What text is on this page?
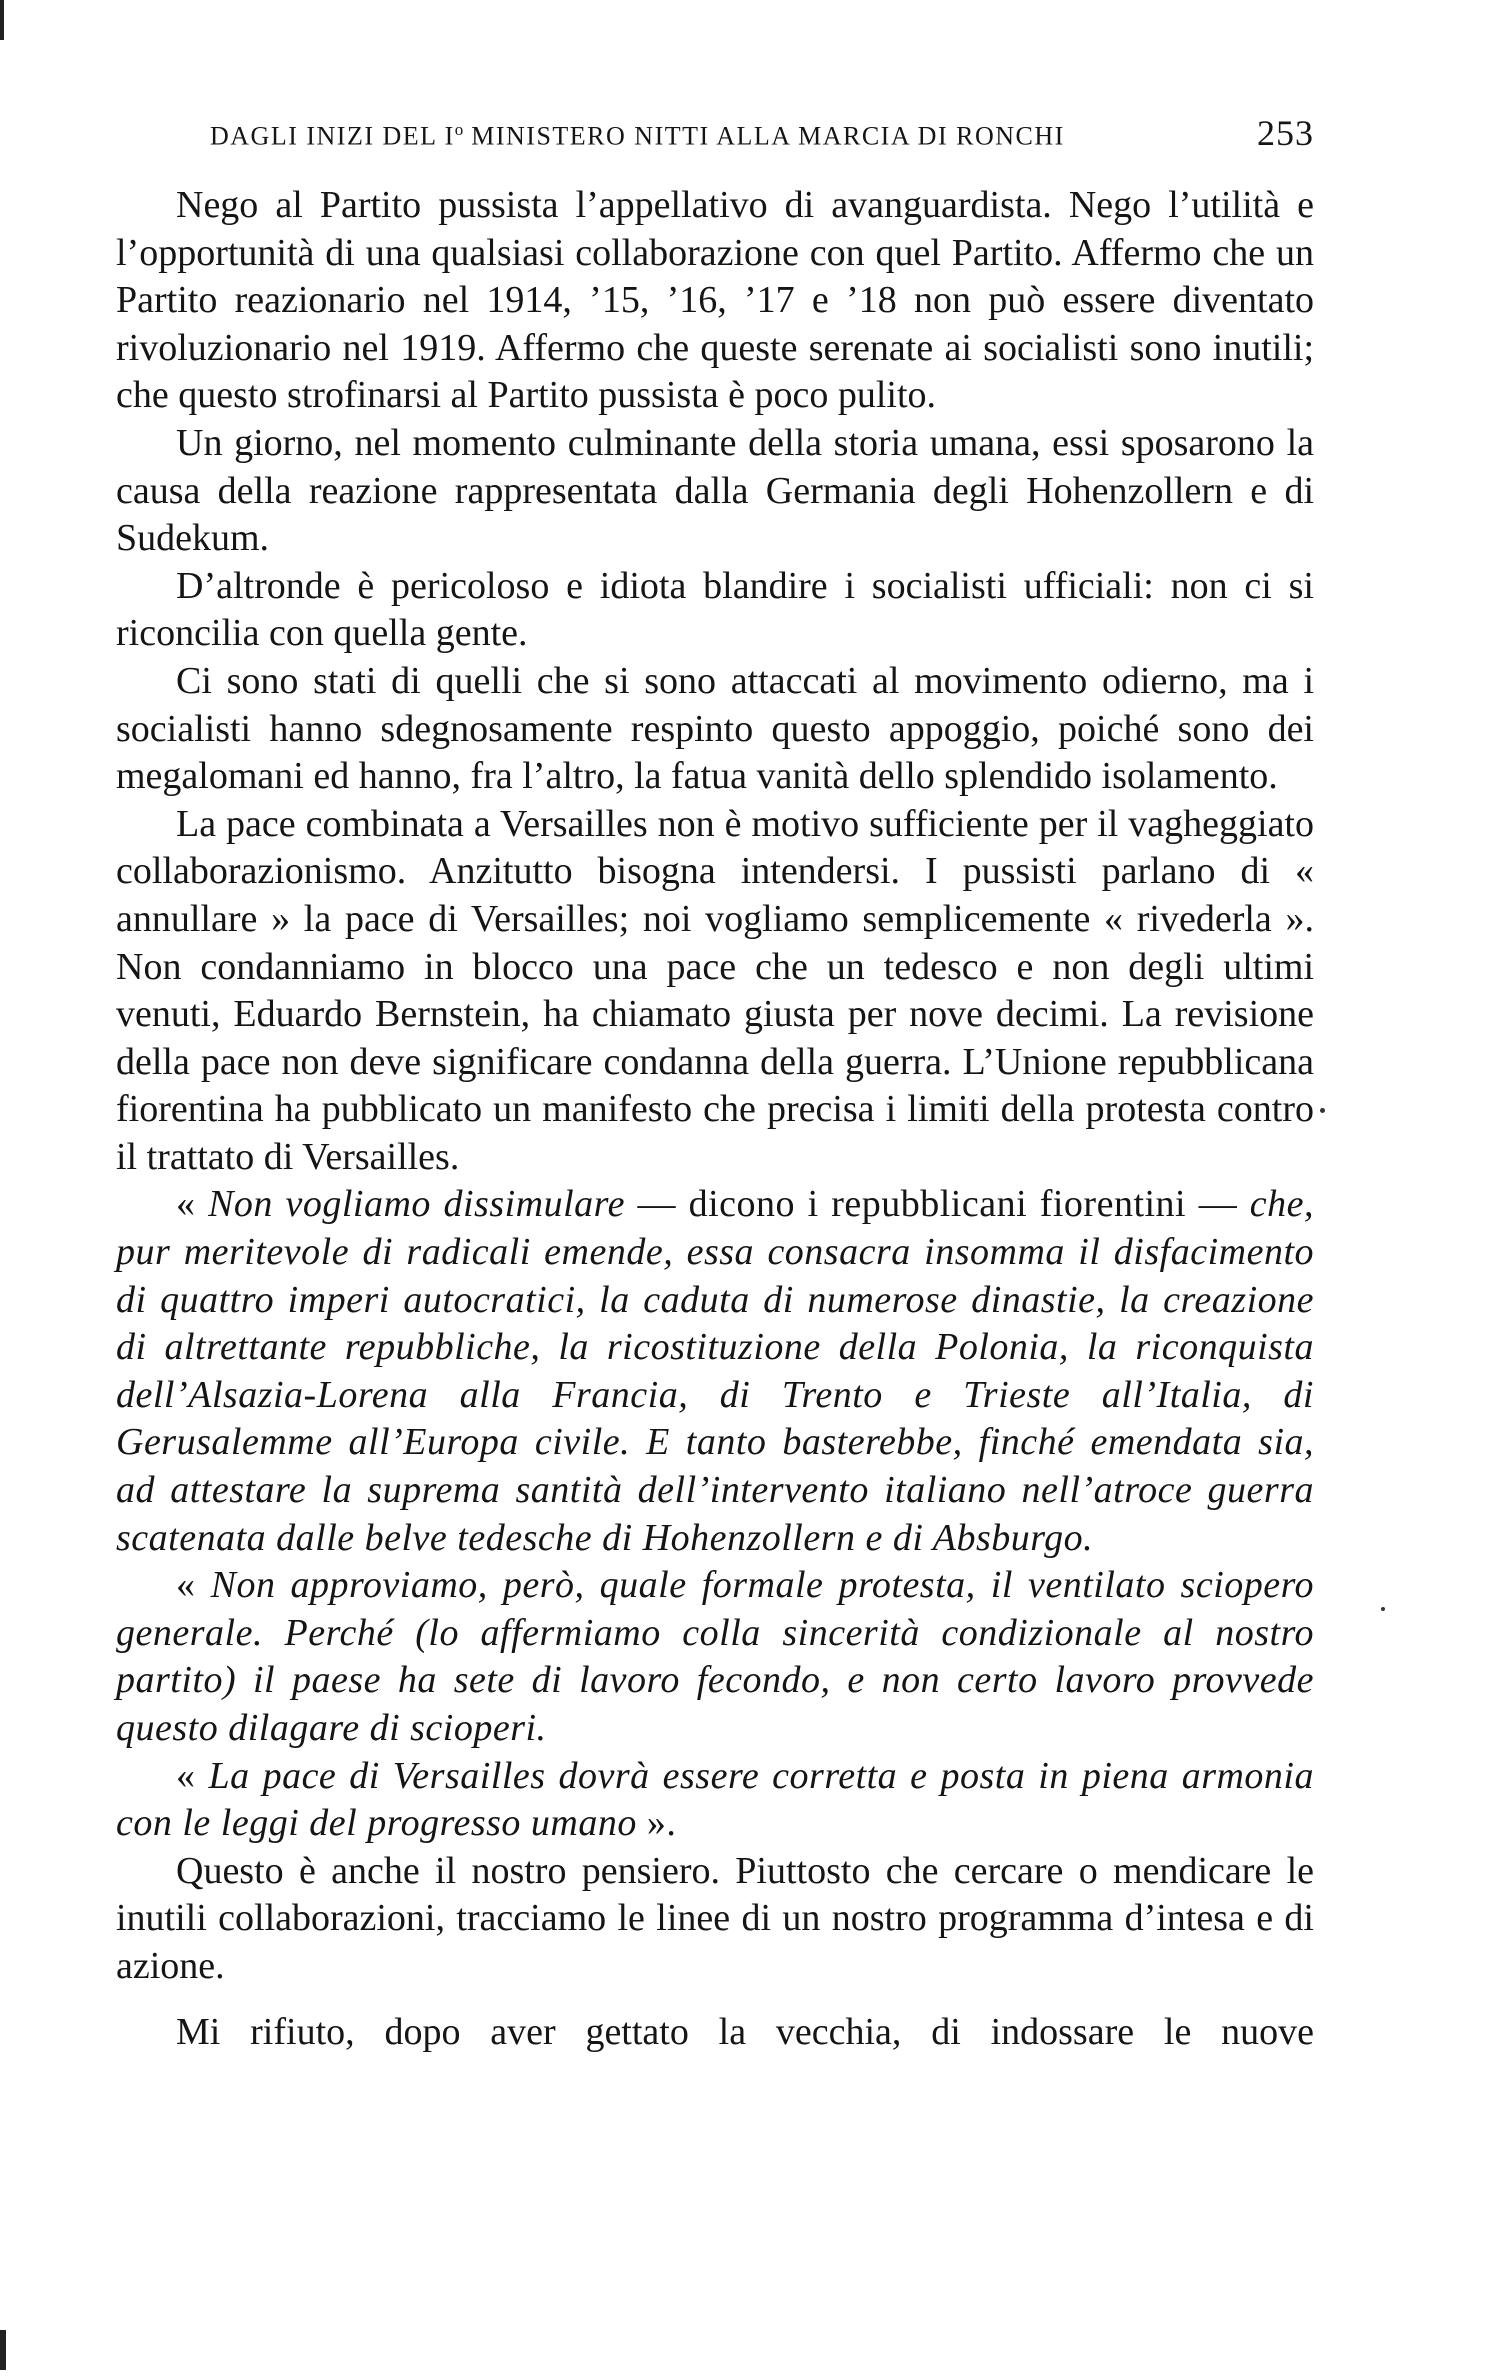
DAGLI INIZI DEL $I^o$ MINISTERO NITTI ALLA MARCIA DI RONCHI	253

Nego al Partito pussista l’appellativo di avanguardista. Nego l’utilità e l’opportunità di una qualsiasi collaborazione con quel Partito. Affermo che un Partito reazionario nel 1914, ’15, ’16, ’17 e ’18 non può essere diventato rivoluzionario nel 1919. Affermo che queste serenate ai socialisti sono inutili; che questo strofinarsi al Partito pussista è poco pulito.

Un giorno, nel momento culminante della storia umana, essi sposarono la causa della reazione rappresentata dalla Germania degli Hohenzollern e di Sudekum.

D’altronde è pericoloso e idiota blandire i socialisti ufficiali: non ci si riconcilia con quella gente.

Ci sono stati di quelli che si sono attaccati al movimento odierno, ma i socialisti hanno sdegnosamente respinto questo appoggio, poiché sono dei megalomani ed hanno, fra l’altro, la fatua vanità dello splendido isolamento.

La pace combinata a Versailles non è motivo sufficiente per il vagheggiato collaborazionismo. Anzitutto bisogna intendersi. I pussisti parlano di « annullare » la pace di Versailles; noi vogliamo semplicemente « rivederla ». Non condanniamo in blocco una pace che un tedesco e non degli ultimi venuti, Eduardo Bernstein, ha chiamato giusta per nove decimi. La revisione della pace non deve significare condanna della guerra. L’Unione repubblicana fiorentina ha pubblicato un manifesto che precisa i limiti della protesta contro il trattato di Versailles.

« Non vogliamo dissimulare — dicono i repubblicani fiorentini — che, pur meritevole di radicali emende, essa consacra insomma il disfacimento di quattro imperi autocratici, la caduta di numerose dinastie, la creazione di altrettante repubbliche, la ricostituzione della Polonia, la riconquista dell’Alsazia-Lorena alla Francia, di Trento e Trieste all’Italia, di Gerusalemme all’Europa civile. E tanto basterebbe, finché emendata sia, ad attestare la suprema santità dell’intervento italiano nell’atroce guerra scatenata dalle belve tedesche di Hohenzollern e di Absburgo.

« Non approviamo, però, quale formale protesta, il ventilato sciopero generale. Perché (lo affermiamo colla sincerità condizionale al nostro partito) il paese ha sete di lavoro fecondo, e non certo lavoro provvede questo dilagare di scioperi.

« La pace di Versailles dovrà essere corretta e posta in piena armonia con le leggi del progresso umano ».

Questo è anche il nostro pensiero. Piuttosto che cercare o mendicare le inutili collaborazioni, tracciamo le linee di un nostro programma d’intesa e di azione.

Mi rifiuto, dopo aver gettato la vecchia, di indossare le nuove
